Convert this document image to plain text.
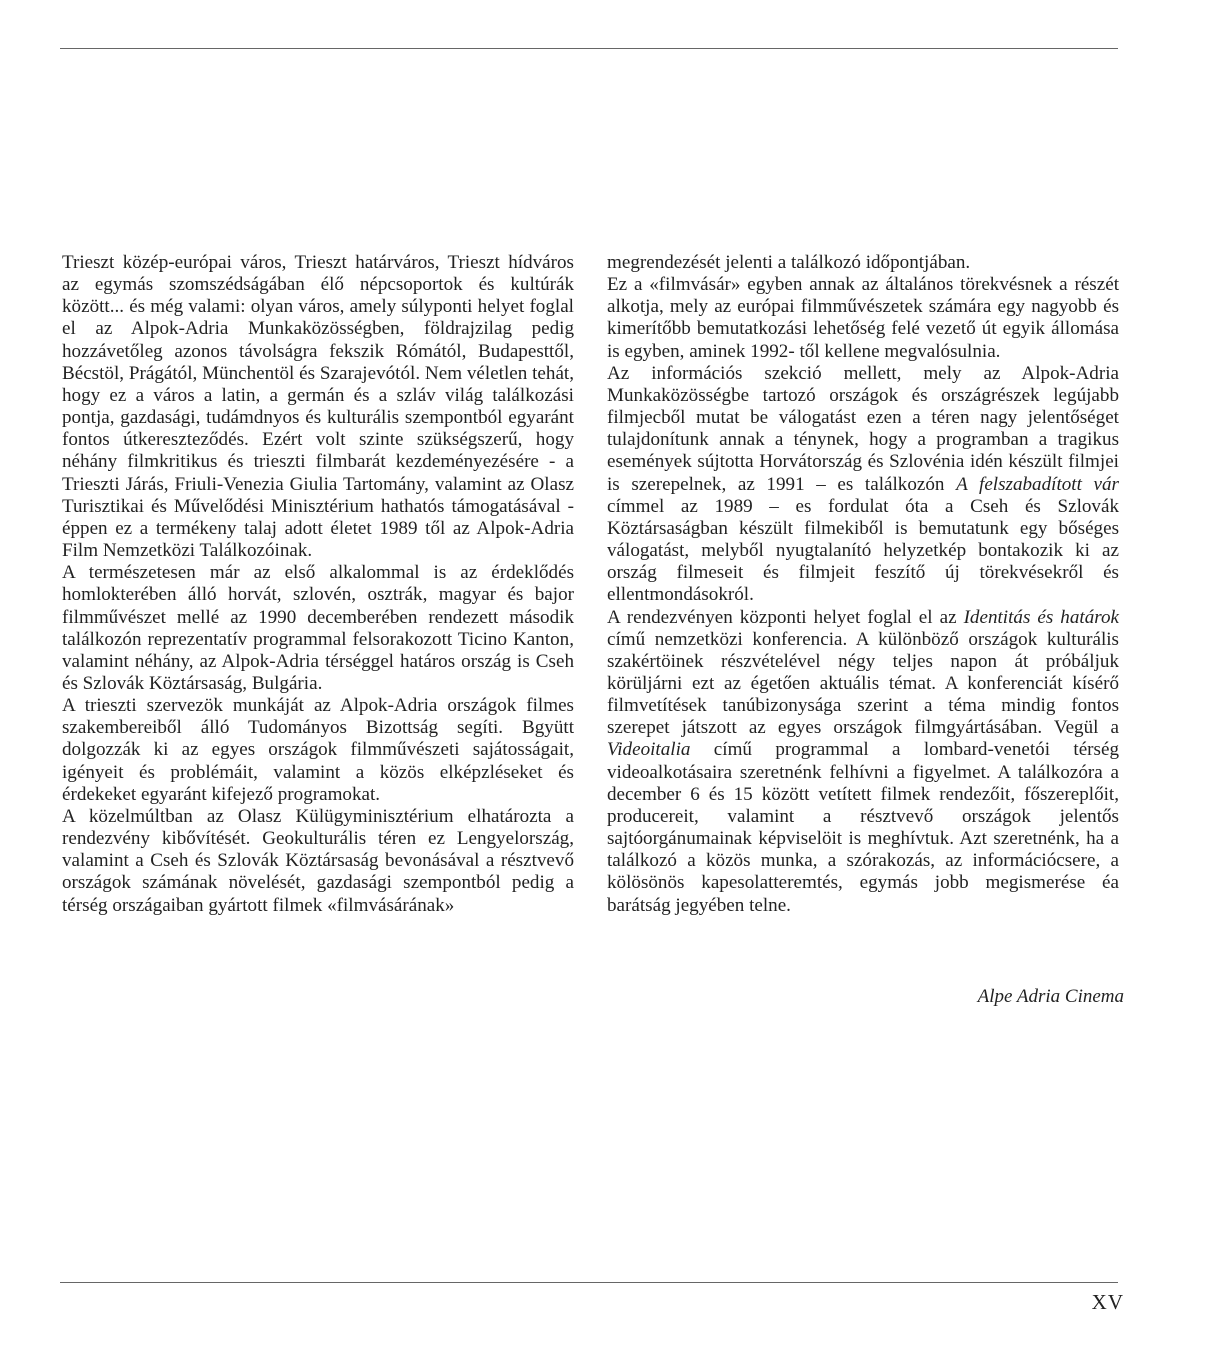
Trieszt közép-európai város, Trieszt határváros, Trieszt hídváros az egymás szomszédságában élő népcsoportok és kultúrák között... és még valami: olyan város, amely súlyponti helyet foglal el az Alpok-Adria Munkaközösségben, földrajzilag pedig hozzávetőleg azonos távolságra fekszik Rómától, Budapesttől, Bécstöl, Prágától, Münchentöl és Szarajevótól. Nem véletlen tehát, hogy ez a város a latin, a germán és a szláv világ találkozási pontja, gazdasági, tudámdnyos és kulturális szempontból egyaránt fontos útkereszteződés. Ezért volt szinte szükségszerű, hogy néhány filmkritikus és trieszti filmbarát kezdeményezésére - a Trieszti Járás, Friuli-Venezia Giulia Tartomány, valamint az Olasz Turisztikai és Művelődési Minisztérium hathatós támogatásával - éppen ez a termékeny talaj adott életet 1989 től az Alpok-Adria Film Nemzetközi Találkozóinak.

A természetesen már az első alkalommal is az érdeklődés homlokterében álló horvát, szlovén, osztrák, magyar és bajor filmművészet mellé az 1990 decemberében rendezett második találkozón reprezentatív programmal felsorakozott Ticino Kanton, valamint néhány, az Alpok-Adria térséggel határos ország is Cseh és Szlovák Köztársaság, Bulgária.

A trieszti szervezök munkáját az Alpok-Adria országok filmes szakembereiből álló Tudományos Bizottság segíti. Bgyütt dolgozzák ki az egyes országok filmművészeti sajátosságait, igényeit és problémáit, valamint a közös elképzléseket és érdekeket egyaránt kifejező programokat.

A közelmúltban az Olasz Külügyminisztérium elhatározta a rendezvény kibővítését. Geokulturális téren ez Lengyelország, valamint a Cseh és Szlovák Köztársaság bevonásával a résztvevő országok számának növelését, gazdasági szempontból pedig a térség országaiban gyártott filmek «filmvásárának»

megrendezését jelenti a találkozó időpontjában.

Ez a «filmvásár» egyben annak az általános törekvésnek a részét alkotja, mely az európai filmművészetek számára egy nagyobb és kimerítőbb bemutatkozási lehetőség felé vezető út egyik állomása is egyben, aminek 1992- től kellene megvalósulnia.

Az információs szekció mellett, mely az Alpok-Adria Munkaközösségbe tartozó országok és országrészek legújabb filmjecből mutat be válogatást ezen a téren nagy jelentőséget tulajdonítunk annak a ténynek, hogy a programban a tragikus események sújtotta Horvátország és Szlovénia idén készült filmjei is szerepelnek, az 1991 – es találkozón A felszabadított vár címmel az 1989 – es fordulat óta a Cseh és Szlovák Köztársaságban készült filmekiből is bemutatunk egy bőséges válogatást, melyből nyugtalanító helyzetkép bontakozik ki az ország filmeseit és filmjeit feszítő új törekvésekről és ellentmondásokról.

A rendezvényen központi helyet foglal el az Identitás és határok című nemzetközi konferencia. A különböző országok kulturális szakértöinek részvételével négy teljes napon át próbáljuk körüljárni ezt az égetően aktuális témat. A konferenciát kísérő filmvetítések tanúbizonysága szerint a téma mindig fontos szerepet játszott az egyes országok filmgyártásában. Vegül a Videoitalia című programmal a lombard-venetói térség videoalkotásaira szeretnénk felhívni a figyelmet. A találkozóra a december 6 és 15 között vetített filmek rendezőit, főszereplőit, producereit, valamint a résztvevő országok jelentős sajtóorgánumainak képviselöit is meghívtuk. Azt szeretnénk, ha a találkozó a közös munka, a szórakozás, az információcsere, a kölösönös kapesolatteremtés, egymás jobb megismerése éa barátság jegyében telne.

Alpe Adria Cinema
XV
